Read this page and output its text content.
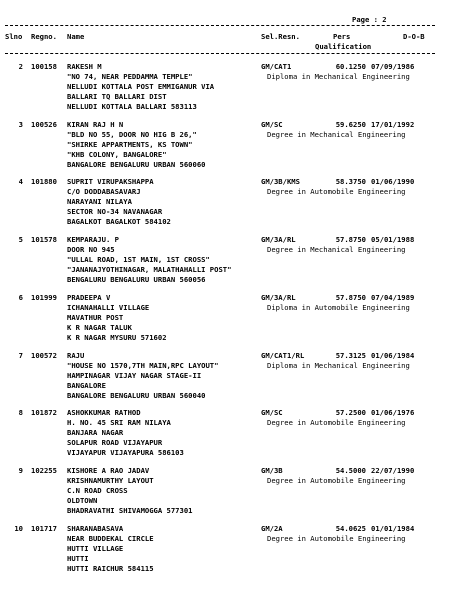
Page : 2
Slno Regno. Name	Sel.Resn.	Pers	D-O-B
Qualification
2 100158 RAKESH M	GM/CAT1	60.1250 07/09/1986
Diploma in Mechanical Engineering
"NO 74, NEAR PEDDAMMA TEMPLE"
NELLUDI KOTTALA POST EMMIGANUR VIA
BALLARI TQ BALLARI DIST
NELLUDI KOTTALA BALLARI 583113
3 100526 KIRAN RAJ H N	GM/SC	59.6250 17/01/1992
Degree in Mechanical Engineering
"BLD NO 55, DOOR NO HIG B 26,"
"SHIRKE APPARTMENTS, KS TOWN"
"KHB COLONY, BANGALORE"
BANGALORE BENGALURU URBAN 560060
4 101880 SUPRIT VIRUPAKSHAPPA	GM/3B/KMS	58.3750 01/06/1990
Degree in Automobile Engineering
C/O DODDABASAVARJ
NARAYANI NILAYA
SECTOR NO-34 NAVANAGAR
BAGALKOT BAGALKOT 584102
5 101578 KEMPARAJU. P	GM/3A/RL	57.8750 05/01/1988
Degree in Mechanical Engineering
DOOR NO 945
"ULLAL ROAD, 1ST MAIN, 1ST CROSS"
"JANANAJYOTHINAGAR, MALATHAHALLI POST"
BENGALURU BENGALURU URBAN 560056
6 101999 PRADEEPA V	GM/3A/RL	57.8750 07/04/1989
Diploma in Automobile Engineering
ICHANAHALLI VILLAGE
MAVATHUR POST
K R NAGAR TALUK
K R NAGAR MYSURU 571602
7 100572 RAJU	GM/CAT1/RL	57.3125 01/06/1984
Diploma in Mechanical Engineering
"HOUSE NO 1570,7TH MAIN,RPC LAYOUT"
HAMPINAGAR VIJAY NAGAR STAGE-II
BANGALORE
BANGALORE BENGALURU URBAN 560040
8 101872 ASHOKKUMAR RATHOD	GM/SC	57.2500 01/06/1976
Degree in Automobile Engineering
H. NO. 45 SRI RAM NILAYA
BANJARA NAGAR
SOLAPUR ROAD VIJAYAPUR
VIJAYAPUR VIJAYAPURA 586103
9 102255 KISHORE A RAO JADAV	GM/3B	54.5000 22/07/1990
Degree in Automobile Engineering
KRISHNAMURTHY LAYOUT
C.N ROAD CROSS
OLDTOWN
BHADRAVATHI SHIVAMOGGA 577301
10 101717 SHARANABASAVA	GM/2A	54.0625 01/01/1984
Degree in Automobile Engineering
NEAR BUDDEKAL CIRCLE
HUTTI VILLAGE
HUTTI
HUTTI RAICHUR 584115
